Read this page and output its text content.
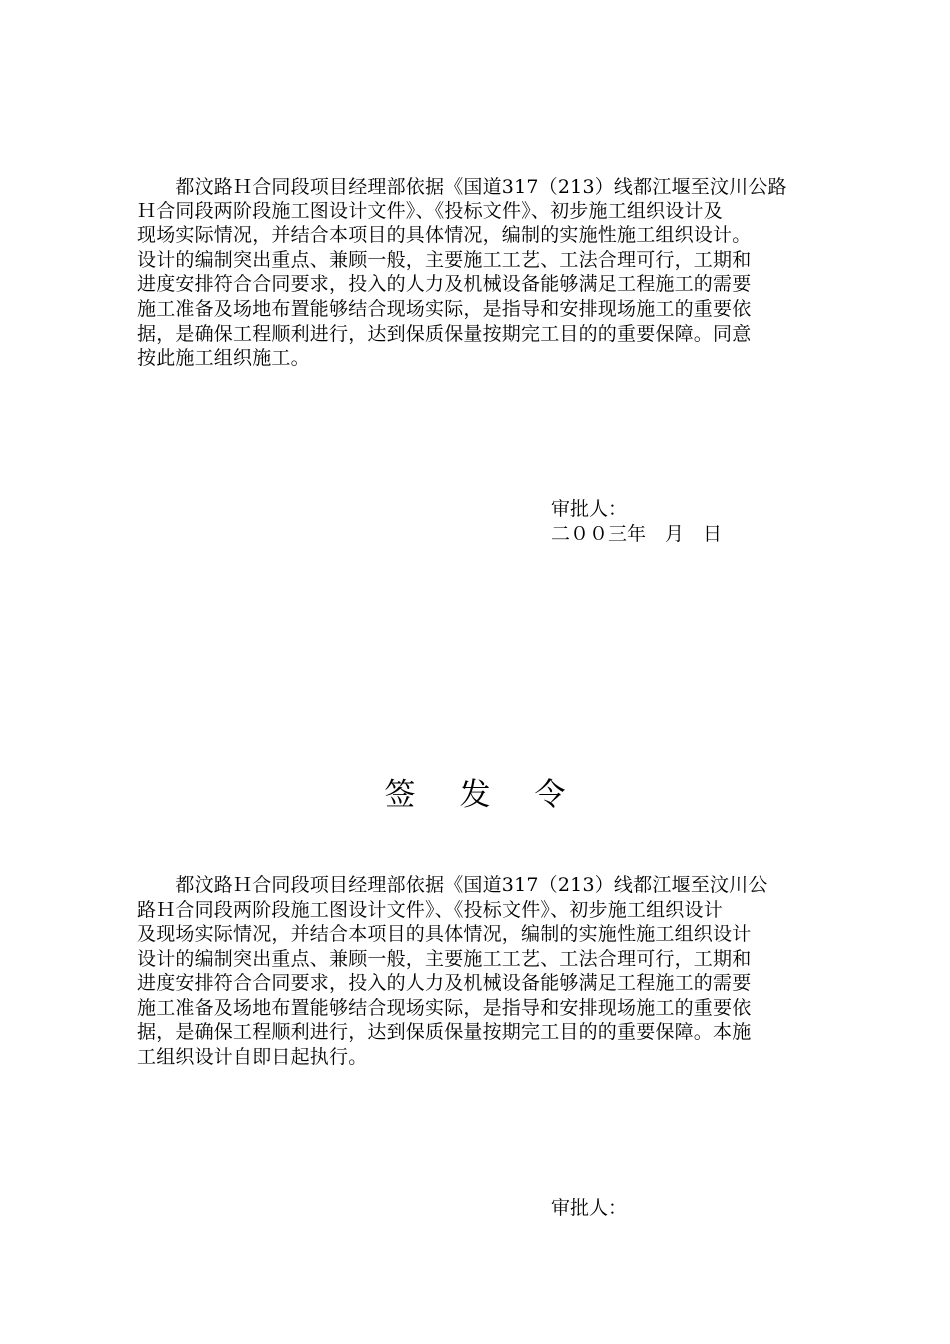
　　都汶路Ｈ合同段项目经理部依据《国道317（213）线都江堰至汶川公路
Ｈ合同段两阶段施工图设计文件》、《投标文件》、初步施工组织设计及
现场实际情况，并结合本项目的具体情况，编制的实施性施工组织设计。
设计的编制突出重点、兼顾一般，主要施工工艺、工法合理可行，工期和
进度安排符合合同要求，投入的人力及机械设备能够满足工程施工的需要
施工准备及场地布置能够结合现场实际，是指导和安排现场施工的重要依
据，是确保工程顺利进行，达到保质保量按期完工目的的重要保障。同意
按此施工组织施工。
审批人：
二００三年　月　日
签发令
　　都汶路Ｈ合同段项目经理部依据《国道317（213）线都江堰至汶川公
路Ｈ合同段两阶段施工图设计文件》、《投标文件》、初步施工组织设计
及现场实际情况，并结合本项目的具体情况，编制的实施性施工组织设计
设计的编制突出重点、兼顾一般，主要施工工艺、工法合理可行，工期和
进度安排符合合同要求，投入的人力及机械设备能够满足工程施工的需要
施工准备及场地布置能够结合现场实际，是指导和安排现场施工的重要依
据，是确保工程顺利进行，达到保质保量按期完工目的的重要保障。本施
工组织设计自即日起执行。
审批人：
